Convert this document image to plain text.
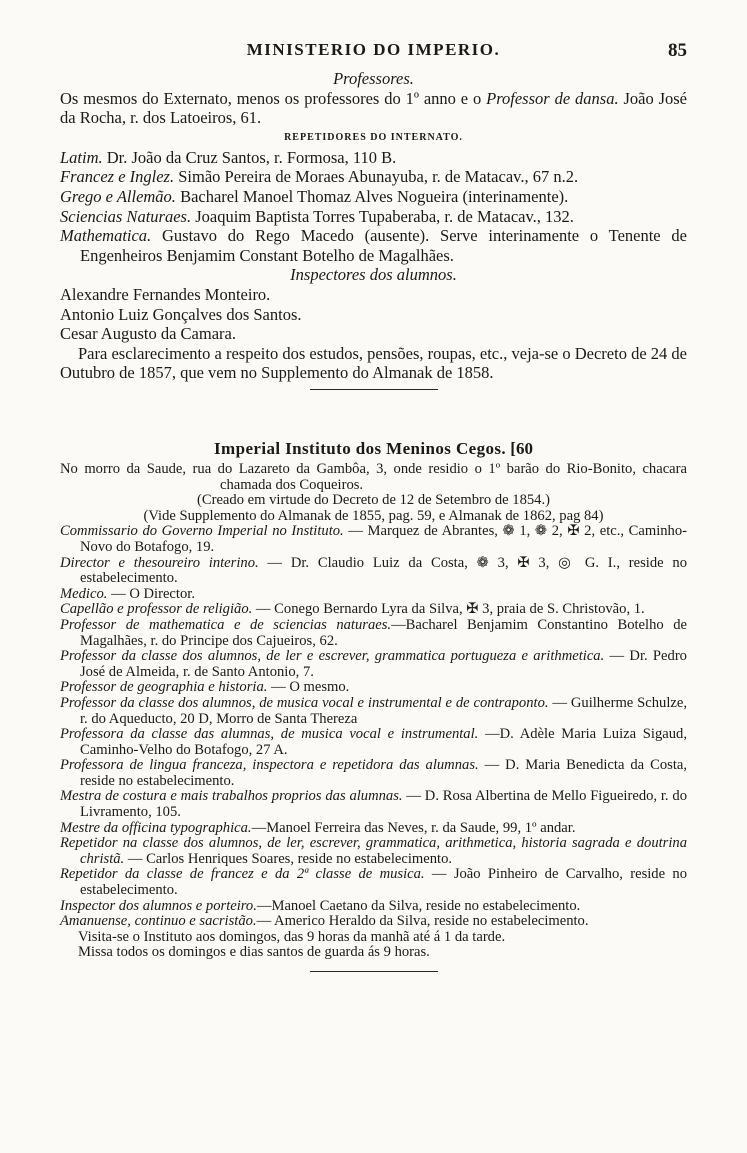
MINISTERIO DO IMPERIO.	85

Professores.

Os mesmos do Externato, menos os professores do 1º anno e o Professor de dansa. João José da Rocha, r. dos Latoeiros, 61.

REPETIDORES DO INTERNATO.

Latim. Dr. João da Cruz Santos, r. Formosa, 110 B.

Francez e Inglez. Simão Pereira de Moraes Abunayuba, r. de Matacav., 67 n.2.

Grego e Allemão. Bacharel Manoel Thomaz Alves Nogueira (interinamente).

Sciencias Naturaes. Joaquim Baptista Torres Tupaberaba, r. de Matacav., 132.

Mathematica. Gustavo do Rego Macedo (ausente). Serve interinamente o Tenente de Engenheiros Benjamim Constant Botelho de Magalhães.

Inspectores dos alumnos.

Alexandre Fernandes Monteiro.

Antonio Luiz Gonçalves dos Santos.

Cesar Augusto da Camara.

Para esclarecimento a respeito dos estudos, pensões, roupas, etc., veja-se o Decreto de 24 de Outubro de 1857, que vem no Supplemento do Almanak de 1858.

Imperial Instituto dos Meninos Cegos. [60

No morro da Saude, rua do Lazareto da Gambôa, 3, onde residio o 1º barão do Rio-Bonito, chacara chamada dos Coqueiros.

(Creado em virtude do Decreto de 12 de Setembro de 1854.)

(Vide Supplemento do Almanak de 1855, pag. 59, e Almanak de 1862, pag 84)

Commissario do Governo Imperial no Instituto. — Marquez de Abrantes, ❁ 1, ❁ 2, ✠ 2, etc., Caminho-Novo do Botafogo, 19.

Director e thesoureiro interino. — Dr. Claudio Luiz da Costa, ❁ 3, ✠ 3, ◎ G. I., reside no estabelecimento.

Medico. — O Director.

Capellão e professor de religião. — Conego Bernardo Lyra da Silva, ✠ 3, praia de S. Christovão, 1.

Professor de mathematica e de sciencias naturaes.—Bacharel Benjamim Constantino Botelho de Magalhães, r. do Principe dos Cajueiros, 62.

Professor da classe dos alumnos, de ler e escrever, grammatica portugueza e arithmetica. — Dr. Pedro José de Almeida, r. de Santo Antonio, 7.

Professor de geographia e historia. — O mesmo.

Professor da classe dos alumnos, de musica vocal e instrumental e de contraponto. — Guilherme Schulze, r. do Aqueducto, 20 D, Morro de Santa Thereza

Professora da classe das alumnas, de musica vocal e instrumental. —D. Adèle Maria Luiza Sigaud, Caminho-Velho do Botafogo, 27 A.

Professora de lingua franceza, inspectora e repetidora das alumnas. — D. Maria Benedicta da Costa, reside no estabelecimento.

Mestra de costura e mais trabalhos proprios das alumnas. — D. Rosa Albertina de Mello Figueiredo, r. do Livramento, 105.

Mestre da officina typographica.—Manoel Ferreira das Neves, r. da Saude, 99, 1º andar.

Repetidor na classe dos alumnos, de ler, escrever, grammatica, arithmetica, historia sagrada e doutrina christã. — Carlos Henriques Soares, reside no estabelecimento.

Repetidor da classe de francez e da 2ª classe de musica. — João Pinheiro de Carvalho, reside no estabelecimento.

Inspector dos alumnos e porteiro.—Manoel Caetano da Silva, reside no estabelecimento.

Amanuense, continuo e sacristão.— Americo Heraldo da Silva, reside no estabelecimento.

Visita-se o Instituto aos domingos, das 9 horas da manhã até á 1 da tarde.

Missa todos os domingos e dias santos de guarda ás 9 horas.
